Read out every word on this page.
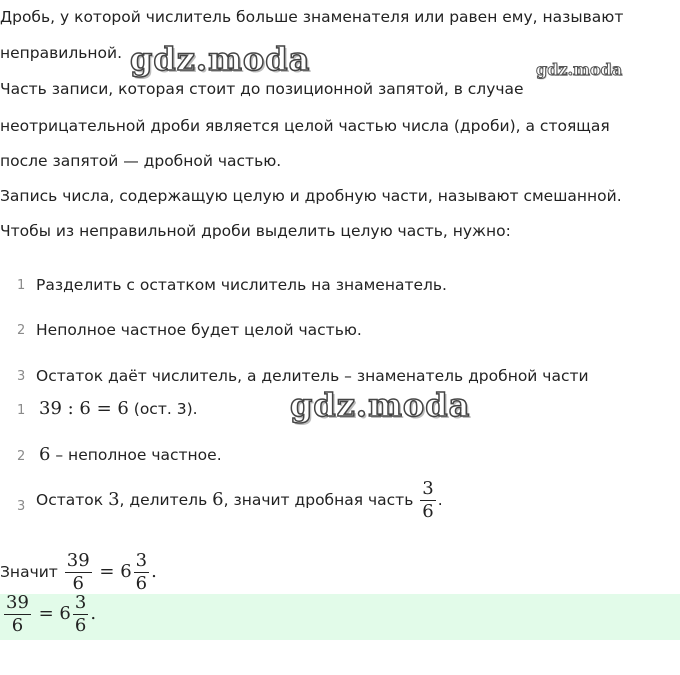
Дробь, у которой числитель больше знаменателя или равен ему, называют
неправильной.
Часть записи, которая стоит до позиционной запятой, в случае
неотрицательной дроби является целой частью числа (дроби), а стоящая
после запятой — дробной частью.
Запись числа, содержащую целую и дробную части, называют смешанной.
Чтобы из неправильной дроби выделить целую часть, нужно:
1 Разделить с остатком числитель на знаменатель.
2 Неполное частное будет целой частью.
3 Остаток даёт числитель, а делитель – знаменатель дробной части
1 39 : 6 = 6 (ост. 3).
2 6 – неполное частное.
3 Остаток 3, делитель 6, значит дробная часть $\frac{3}{6}$ .
Значит $\frac{39}{6} = 6 \frac{3}{6}$ .
$\frac{39}{6} = 6 \frac{3}{6}$ .
gdz.moda	gdz.moda
gdz.moda
